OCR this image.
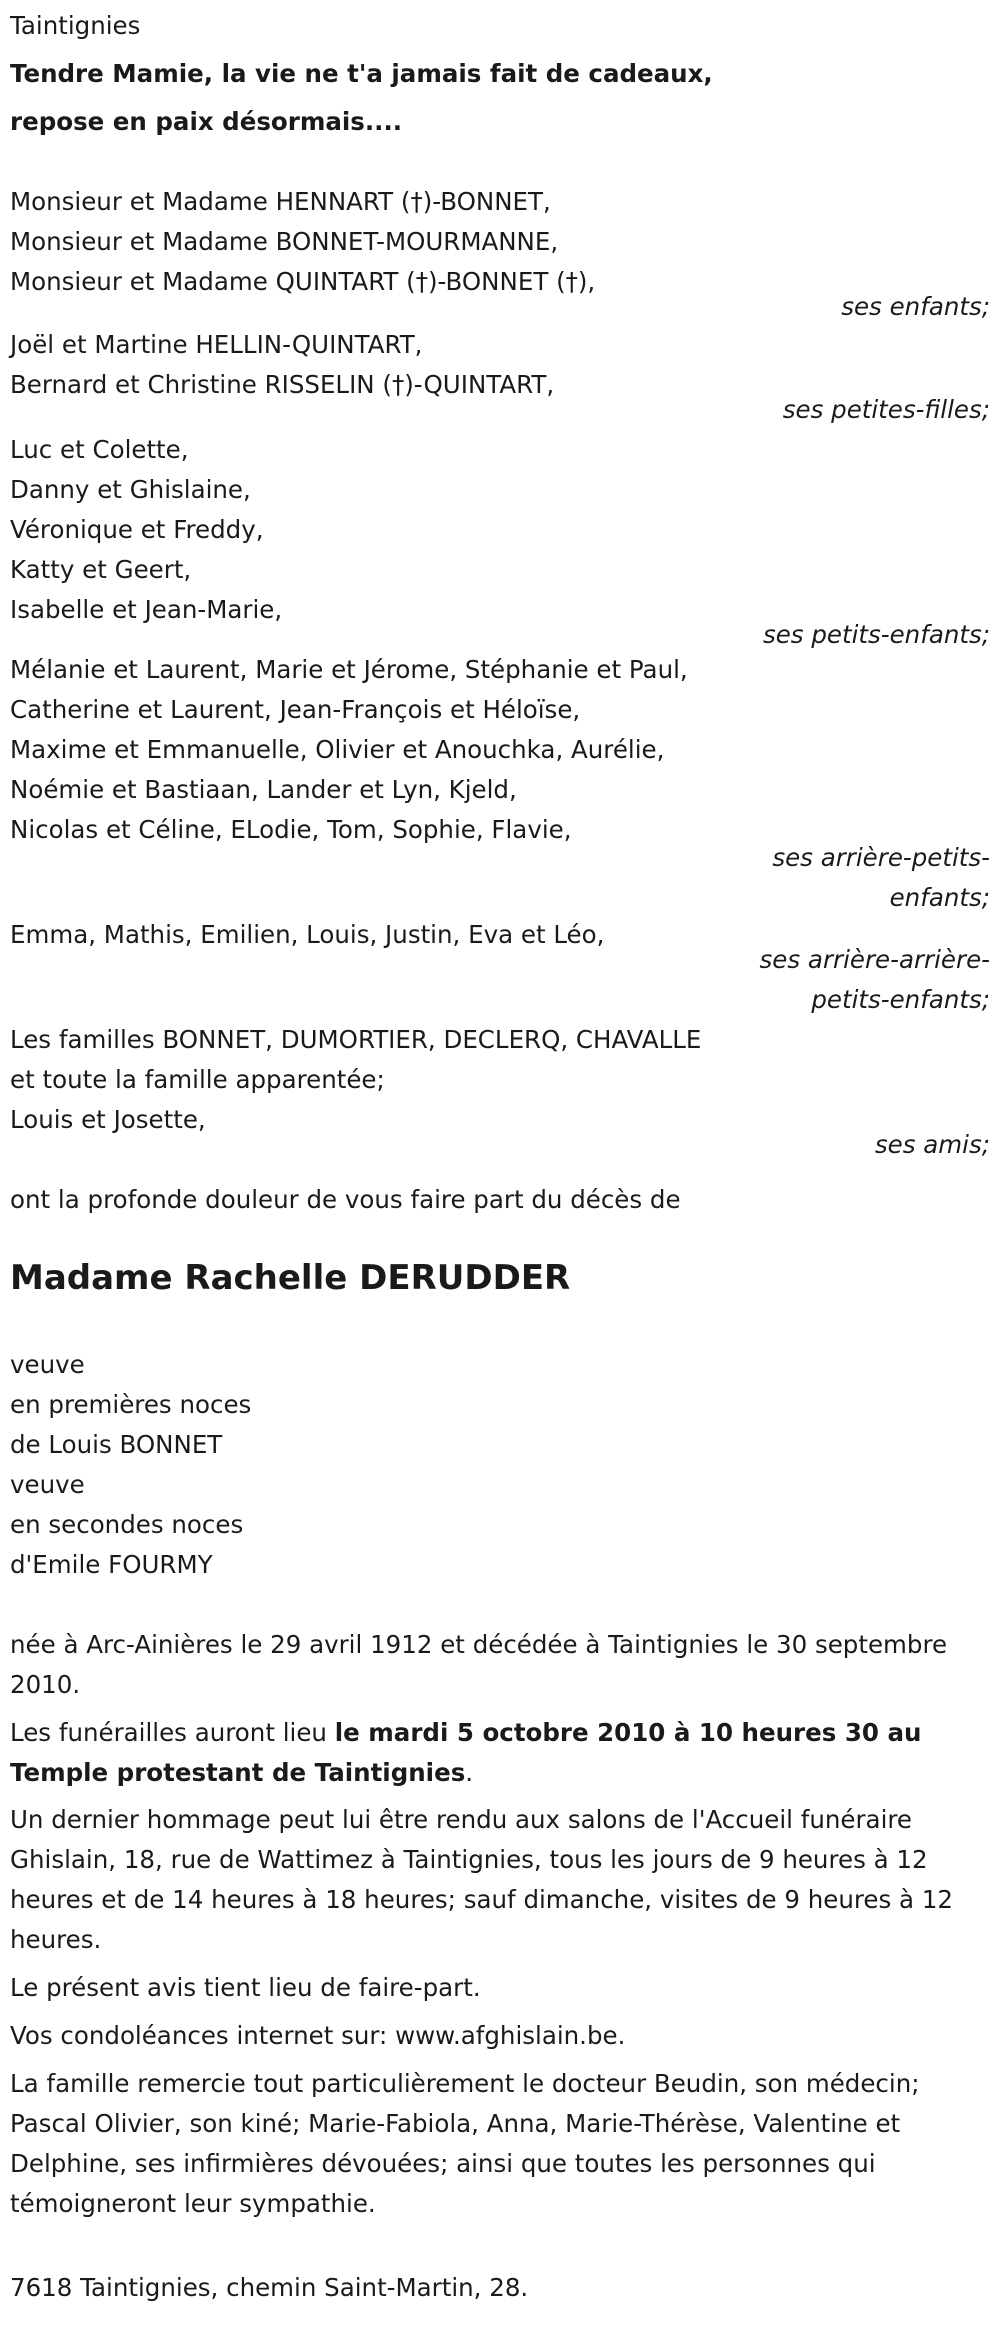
Taintignies
Tendre Mamie, la vie ne t'a jamais fait de cadeaux,
repose en paix désormais....
Monsieur et Madame HENNART (†)-BONNET,
Monsieur et Madame BONNET-MOURMANNE,
Monsieur et Madame QUINTART (†)-BONNET (†),
ses enfants;
Joël et Martine HELLIN-QUINTART,
Bernard et Christine RISSELIN (†)-QUINTART,
ses petites-filles;
Luc et Colette,
Danny et Ghislaine,
Véronique et Freddy,
Katty et Geert,
Isabelle et Jean-Marie,
ses petits-enfants;
Mélanie et Laurent, Marie et Jérome, Stéphanie et Paul,
Catherine et Laurent, Jean-François et Héloïse,
Maxime et Emmanuelle, Olivier et Anouchka, Aurélie,
Noémie et Bastiaan, Lander et Lyn, Kjeld,
Nicolas et Céline, ELodie, Tom, Sophie, Flavie,
ses arrière-petits-enfants;
Emma, Mathis, Emilien, Louis, Justin, Eva et Léo,
ses arrière-arrière-petits-enfants;
Les familles BONNET, DUMORTIER, DECLERQ, CHAVALLE
et toute la famille apparentée;
Louis et Josette,
ses amis;
ont la profonde douleur de vous faire part du décès de
Madame Rachelle DERUDDER
veuve
en premières noces
de Louis BONNET
veuve
en secondes noces
d'Emile FOURMY
née à Arc-Ainières le 29 avril 1912 et décédée à Taintignies le 30 septembre 2010.
Les funérailles auront lieu le mardi 5 octobre 2010 à 10 heures 30 au Temple protestant de Taintignies.
Un dernier hommage peut lui être rendu aux salons de l'Accueil funéraire Ghislain, 18, rue de Wattimez à Taintignies, tous les jours de 9 heures à 12 heures et de 14 heures à 18 heures; sauf dimanche, visites de 9 heures à 12 heures.
Le présent avis tient lieu de faire-part.
Vos condoléances internet sur: www.afghislain.be.
La famille remercie tout particulièrement le docteur Beudin, son médecin; Pascal Olivier, son kiné; Marie-Fabiola, Anna, Marie-Thérèse, Valentine et Delphine, ses infirmières dévouées; ainsi que toutes les personnes qui témoigneront leur sympathie.
7618 Taintignies, chemin Saint-Martin, 28.
